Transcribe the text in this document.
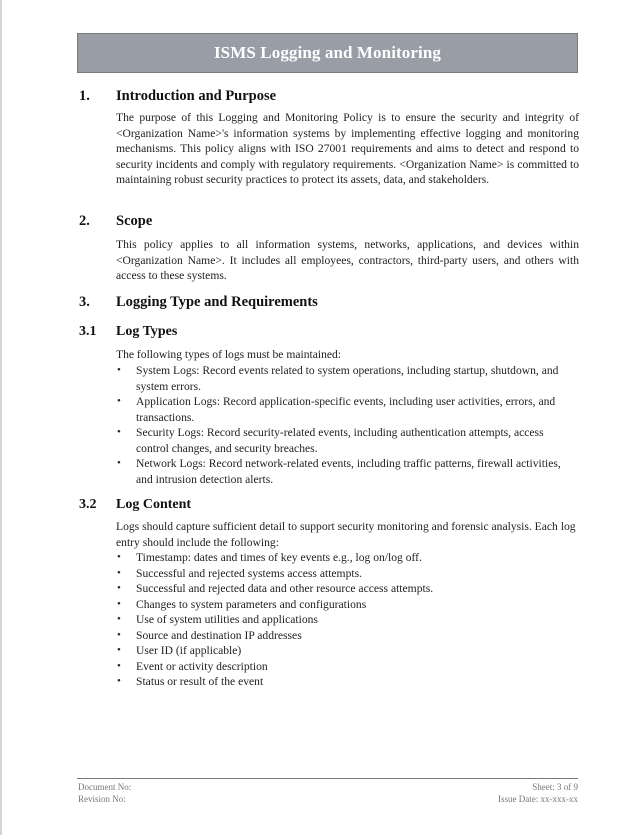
ISMS Logging and Monitoring
1. Introduction and Purpose
The purpose of this Logging and Monitoring Policy is to ensure the security and integrity of <Organization Name>'s information systems by implementing effective logging and monitoring mechanisms. This policy aligns with ISO 27001 requirements and aims to detect and respond to security incidents and comply with regulatory requirements. <Organization Name> is committed to maintaining robust security practices to protect its assets, data, and stakeholders.
2. Scope
This policy applies to all information systems, networks, applications, and devices within <Organization Name>. It includes all employees, contractors, third-party users, and others with access to these systems.
3. Logging Type and Requirements
3.1 Log Types
The following types of logs must be maintained:
•	System Logs: Record events related to system operations, including startup, shutdown, and system errors.
•	Application Logs: Record application-specific events, including user activities, errors, and transactions.
•	Security Logs: Record security-related events, including authentication attempts, access control changes, and security breaches.
•	Network Logs: Record network-related events, including traffic patterns, firewall activities, and intrusion detection alerts.
3.2 Log Content
Logs should capture sufficient detail to support security monitoring and forensic analysis. Each log entry should include the following:
•	Timestamp: dates and times of key events e.g., log on/log off.
•	Successful and rejected systems access attempts.
•	Successful and rejected data and other resource access attempts.
•	Changes to system parameters and configurations
•	Use of system utilities and applications
•	Source and destination IP addresses
•	User ID (if applicable)
•	Event or activity description
•	Status or result of the event
Document No:
Revision No:
Sheet: 3 of 9
Issue Date: xx-xxx-xx
